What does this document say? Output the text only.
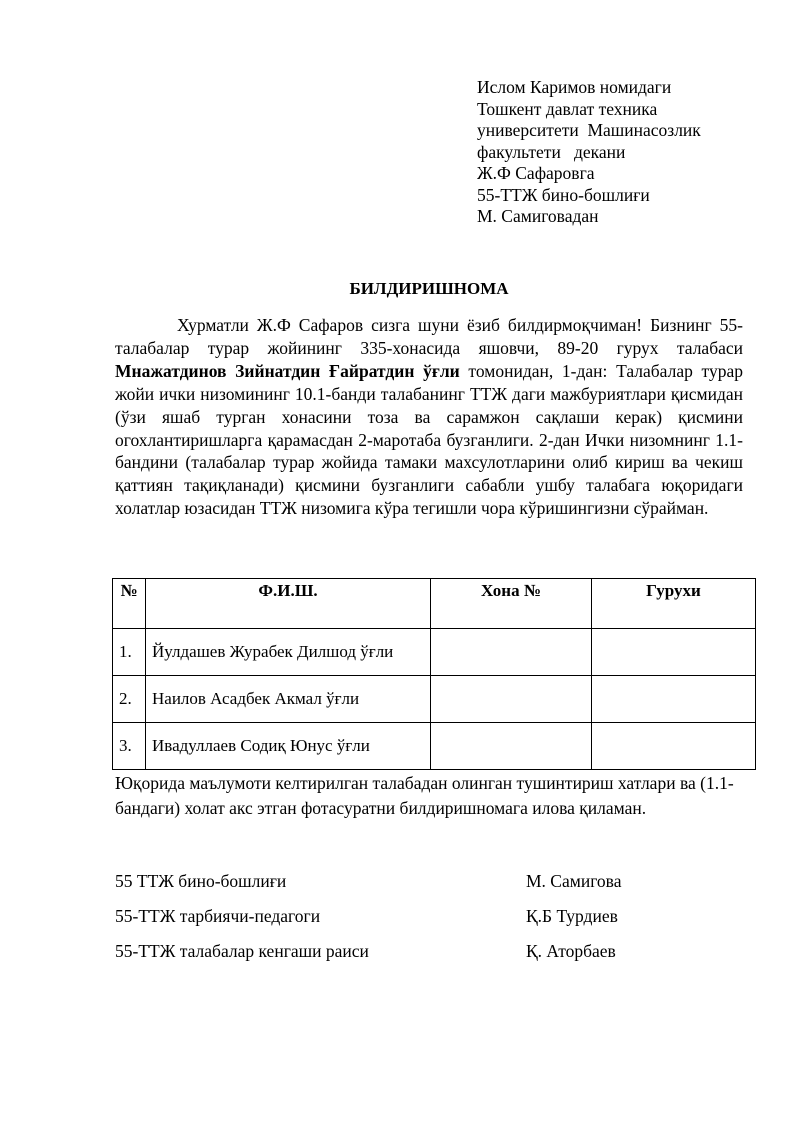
Ислом Каримов номидаги
Тошкент давлат техника
университети  Машинасозлик
факультети   декани
Ж.Ф Сафаровга
55-ТТЖ бино-бошлиғи
М. Самиговадан
БИЛДИРИШНОМА
Хурматли Ж.Ф Сафаров сизга шуни ёзиб билдирмоқчиман! Бизнинг 55-талабалар турар жойининг 335-хонасида яшовчи, 89-20 гурух талабаси Мнажатдинов Зийнатдин Ғайратдин ўғли томонидан, 1-дан: Талабалар турар жойи ички низомининг 10.1-банди талабанинг ТТЖ даги мажбуриятлари қисмидан (ўзи яшаб турган хонасини тоза ва сарамжон сақлаши керак) қисмини огохлантиришларга қарамасдан 2-маротаба бузганлиги. 2-дан Ички низомнинг 1.1-бандини (талабалар турар жойида тамаки махсулотларини олиб кириш ва чекиш қаттиян тақиқланади) қисмини бузганлиги сабабли ушбу талабага юқоридаги холатлар юзасидан ТТЖ низомига кўра тегишли чора кўришингизни сўрайман.
№	Ф.И.Ш.	Хона №	Гурухи
1.	Йулдашев Журабек Дилшод ўғли		
2.	Наилов Асадбек Акмал ўғли		
3.	Ивадуллаев Содиқ Юнус ўғли		
Юқорида маълумоти келтирилган талабадан олинган тушинтириш хатлари ва (1.1-бандаги) холат акс этган фотасуратни билдиришномага илова қиламан.
55 ТТЖ бино-бошлиғи	М. Самигова
55-ТТЖ тарбиячи-педагоги	Қ.Б Турдиев
55-ТТЖ талабалар кенгаши раиси	Қ. Аторбаев
